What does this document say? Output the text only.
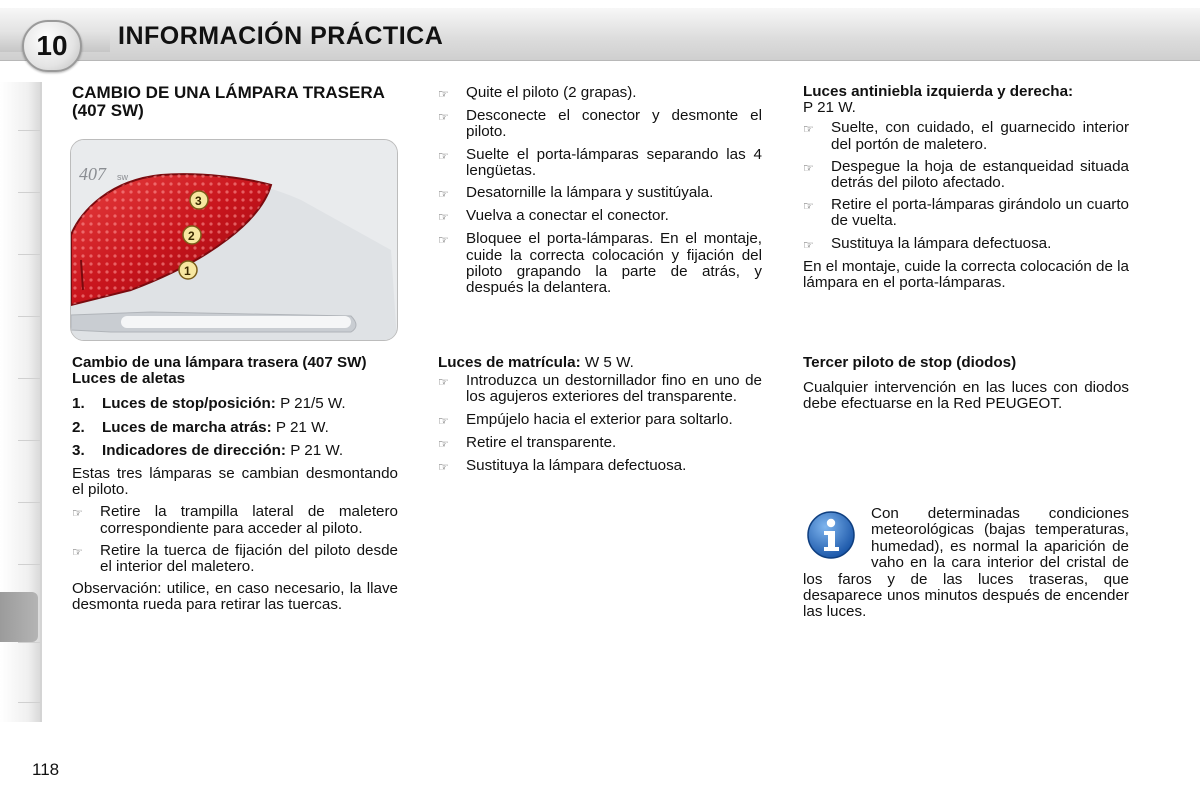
10	INFORMACIÓN PRÁCTICA

CAMBIO DE UNA LÁMPARA TRASERA (407 SW)

407 sw
3
2
1

Cambio de una lámpara trasera (407 SW) Luces de aletas

1.	Luces de stop/posición: P 21/5 W.
2.	Luces de marcha atrás: P 21 W.
3.	Indicadores de dirección: P 21 W.

Estas tres lámparas se cambian desmontando el piloto.

☞	Retire la trampilla lateral de maletero correspondiente para acceder al piloto.
☞	Retire la tuerca de fijación del piloto desde el interior del maletero.

Observación: utilice, en caso necesario, la llave desmonta rueda para retirar las tuercas.

☞	Quite el piloto (2 grapas).
☞	Desconecte el conector y desmonte el piloto.
☞	Suelte el porta-lámparas separando las 4 lengüetas.
☞	Desatornille la lámpara y sustitúyala.
☞	Vuelva a conectar el conector.
☞	Bloquee el porta-lámparas. En el montaje, cuide la correcta colocación y fijación del piloto grapando la parte de atrás, y después la delantera.

Luces de matrícula: W 5 W.

☞	Introduzca un destornillador fino en uno de los agujeros exteriores del transparente.
☞	Empújelo hacia el exterior para soltarlo.
☞	Retire el transparente.
☞	Sustituya la lámpara defectuosa.

Luces antiniebla izquierda y derecha:

P 21 W.

☞	Suelte, con cuidado, el guarnecido interior del portón de maletero.
☞	Despegue la hoja de estanqueidad situada detrás del piloto afectado.
☞	Retire el porta-lámparas girándolo un cuarto de vuelta.
☞	Sustituya la lámpara defectuosa.

En el montaje, cuide la correcta colocación de la lámpara en el porta-lámparas.

Tercer piloto de stop (diodos)

Cualquier intervención en las luces con diodos debe efectuarse en la Red PEUGEOT.

Con determinadas condiciones meteorológicas (bajas temperaturas, humedad), es normal la aparición de vaho en la cara interior del cristal de los faros y de las luces traseras, que desaparece unos minutos después de encender las luces.

118
